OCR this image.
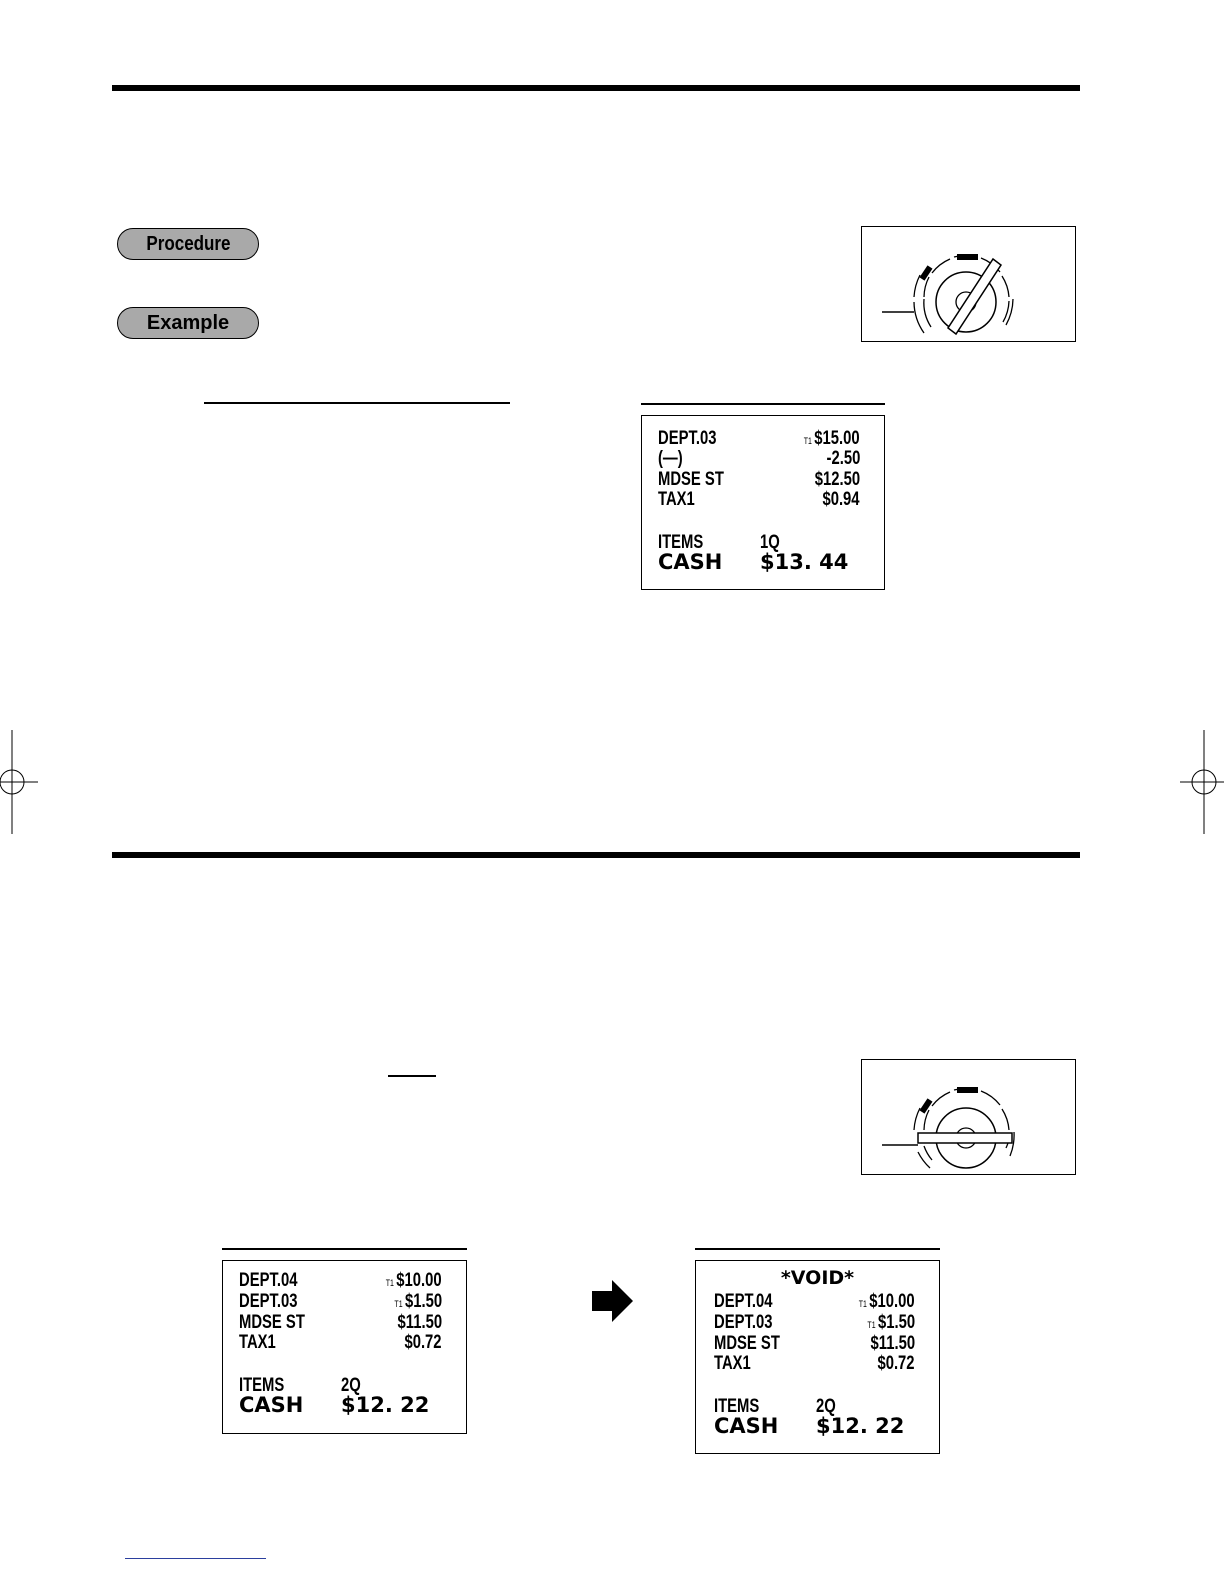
Procedure
Example
DEPT.03	T1 $15.00
(—)	-2.50
MDSE ST	$12.50
TAX1	$0.94
ITEMS	1Q
CASH $13. 44
DEPT.04	T1 $10.00
DEPT.03	T1 $1.50
MDSE ST	$11.50
TAX1	$0.72
ITEMS	2Q
CASH $12. 22
*VOID*
DEPT.04	T1 $10.00
DEPT.03	T1 $1.50
MDSE ST	$11.50
TAX1	$0.72
ITEMS	2Q
CASH $12. 22
